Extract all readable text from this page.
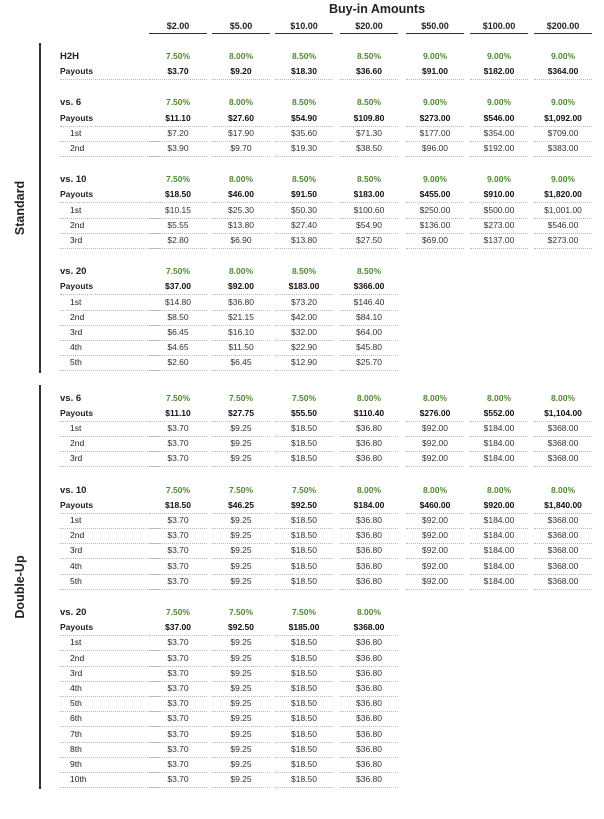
Buy-in Amounts
$2.00	$5.00	$10.00	$20.00	$50.00	$100.00	$200.00
H2H	7.50%	8.00%	8.50%	8.50%	9.00%	9.00%	9.00%
Payouts	$3.70	$9.20	$18.30	$36.60	$91.00	$182.00	$364.00
vs. 6	7.50%	8.00%	8.50%	8.50%	9.00%	9.00%	9.00%
Payouts	$11.10	$27.60	$54.90	$109.80	$273.00	$546.00	$1,092.00
1st	$7.20	$17.90	$35.60	$71.30	$177.00	$354.00	$709.00
2nd	$3.90	$9.70	$19.30	$38.50	$96.00	$192.00	$383.00
vs. 10	7.50%	8.00%	8.50%	8.50%	9.00%	9.00%	9.00%
Payouts	$18.50	$46.00	$91.50	$183.00	$455.00	$910.00	$1,820.00
1st	$10.15	$25.30	$50.30	$100.60	$250.00	$500.00	$1,001.00
2nd	$5.55	$13.80	$27.40	$54.90	$136.00	$273.00	$546.00
3rd	$2.80	$6.90	$13.80	$27.50	$69.00	$137.00	$273.00
vs. 20	7.50%	8.00%	8.50%	8.50%
Payouts	$37.00	$92.00	$183.00	$366.00
1st	$14.80	$36.80	$73.20	$146.40
2nd	$8.50	$21.15	$42.00	$84.10
3rd	$6.45	$16.10	$32.00	$64.00
4th	$4.65	$11.50	$22.90	$45.80
5th	$2.60	$6.45	$12.90	$25.70
vs. 6	7.50%	7.50%	7.50%	8.00%	8.00%	8.00%	8.00%
Payouts	$11.10	$27.75	$55.50	$110.40	$276.00	$552.00	$1,104.00
1st	$3.70	$9.25	$18.50	$36.80	$92.00	$184.00	$368.00
2nd	$3.70	$9.25	$18.50	$36.80	$92.00	$184.00	$368.00
3rd	$3.70	$9.25	$18.50	$36.80	$92.00	$184.00	$368.00
vs. 10	7.50%	7.50%	7.50%	8.00%	8.00%	8.00%	8.00%
Payouts	$18.50	$46.25	$92.50	$184.00	$460.00	$920.00	$1,840.00
1st	$3.70	$9.25	$18.50	$36.80	$92.00	$184.00	$368.00
2nd	$3.70	$9.25	$18.50	$36.80	$92.00	$184.00	$368.00
3rd	$3.70	$9.25	$18.50	$36.80	$92.00	$184.00	$368.00
4th	$3.70	$9.25	$18.50	$36.80	$92.00	$184.00	$368.00
5th	$3.70	$9.25	$18.50	$36.80	$92.00	$184.00	$368.00
vs. 20	7.50%	7.50%	7.50%	8.00%
Payouts	$37.00	$92.50	$185.00	$368.00
1st	$3.70	$9.25	$18.50	$36.80
2nd	$3.70	$9.25	$18.50	$36.80
3rd	$3.70	$9.25	$18.50	$36.80
4th	$3.70	$9.25	$18.50	$36.80
5th	$3.70	$9.25	$18.50	$36.80
6th	$3.70	$9.25	$18.50	$36.80
7th	$3.70	$9.25	$18.50	$36.80
8th	$3.70	$9.25	$18.50	$36.80
9th	$3.70	$9.25	$18.50	$36.80
10th	$3.70	$9.25	$18.50	$36.80
Standard
Double-Up
